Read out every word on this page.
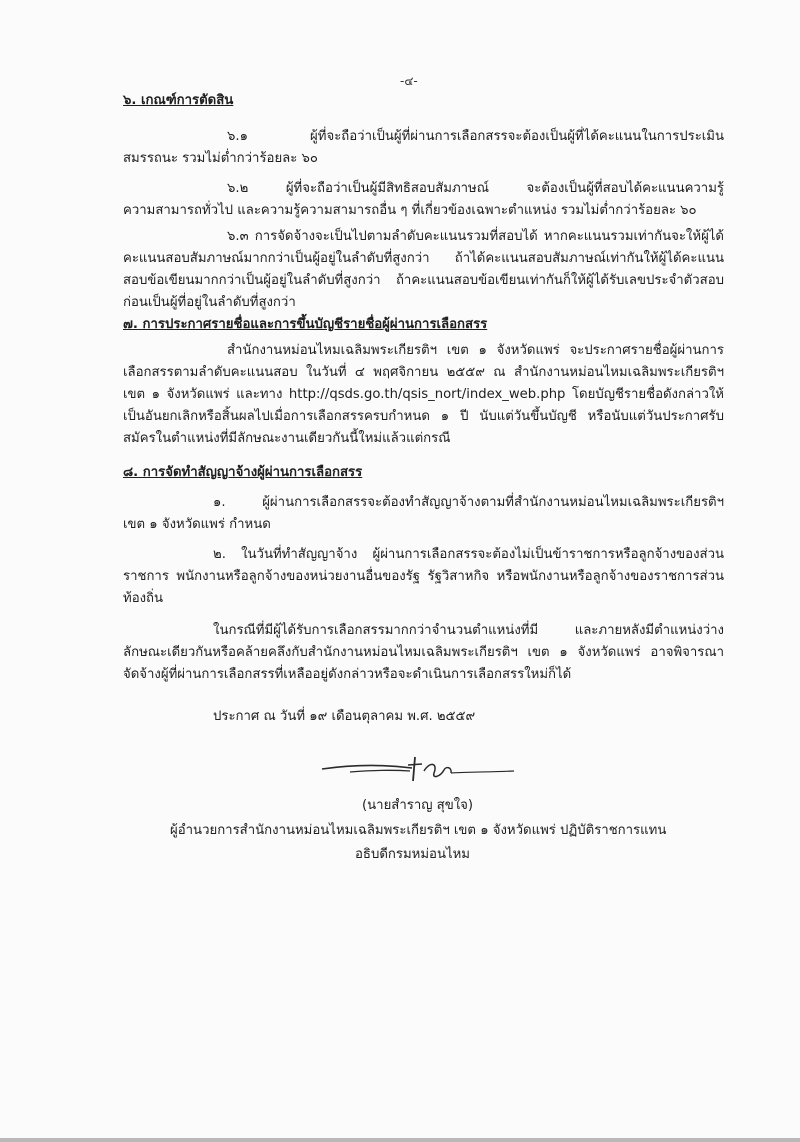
-๔-
๖. เกณฑ์การตัดสิน
๖.๑ ผู้ที่จะถือว่าเป็นผู้ที่ผ่านการเลือกสรรจะต้องเป็นผู้ที่ได้คะแนนในการประเมิน
สมรรถนะ รวมไม่ต่ำกว่าร้อยละ ๖๐
๖.๒ ผู้ที่จะถือว่าเป็นผู้มีสิทธิสอบสัมภาษณ์ จะต้องเป็นผู้ที่สอบได้คะแนนความรู้
ความสามารถทั่วไป และความรู้ความสามารถอื่น ๆ ที่เกี่ยวข้องเฉพาะตำแหน่ง รวมไม่ต่ำกว่าร้อยละ ๖๐
๖.๓ การจัดจ้างจะเป็นไปตามลำดับคะแนนรวมที่สอบได้ หากคะแนนรวมเท่ากันจะให้ผู้ได้
คะแนนสอบสัมภาษณ์มากกว่าเป็นผู้อยู่ในลำดับที่สูงกว่า ถ้าได้คะแนนสอบสัมภาษณ์เท่ากันให้ผู้ได้คะแนน
สอบข้อเขียนมากกว่าเป็นผู้อยู่ในลำดับที่สูงกว่า ถ้าคะแนนสอบข้อเขียนเท่ากันก็ให้ผู้ได้รับเลขประจำตัวสอบ
ก่อนเป็นผู้ที่อยู่ในลำดับที่สูงกว่า
๗. การประกาศรายชื่อและการขึ้นบัญชีรายชื่อผู้ผ่านการเลือกสรร
สำนักงานหม่อนไหมเฉลิมพระเกียรติฯ เขต ๑ จังหวัดแพร่ จะประกาศรายชื่อผู้ผ่านการ
เลือกสรรตามลำดับคะแนนสอบ ในวันที่ ๔ พฤศจิกายน ๒๕๕๙ ณ สำนักงานหม่อนไหมเฉลิมพระเกียรติฯ
เขต ๑ จังหวัดแพร่ และทาง http://qsds.go.th/qsis_nort/index_web.php โดยบัญชีรายชื่อดังกล่าวให้
เป็นอันยกเลิกหรือสิ้นผลไปเมื่อการเลือกสรรครบกำหนด ๑ ปี นับแต่วันขึ้นบัญชี หรือนับแต่วันประกาศรับ
สมัครในตำแหน่งที่มีลักษณะงานเดียวกันนี้ใหม่แล้วแต่กรณี
๘. การจัดทำสัญญาจ้างผู้ผ่านการเลือกสรร
๑. ผู้ผ่านการเลือกสรรจะต้องทำสัญญาจ้างตามที่สำนักงานหม่อนไหมเฉลิมพระเกียรติฯ
เขต ๑ จังหวัดแพร่ กำหนด
๒. ในวันที่ทำสัญญาจ้าง ผู้ผ่านการเลือกสรรจะต้องไม่เป็นข้าราชการหรือลูกจ้างของส่วน
ราชการ พนักงานหรือลูกจ้างของหน่วยงานอื่นของรัฐ รัฐวิสาหกิจ หรือพนักงานหรือลูกจ้างของราชการส่วน
ท้องถิ่น
ในกรณีที่มีผู้ได้รับการเลือกสรรมากกว่าจำนวนตำแหน่งที่มี และภายหลังมีตำแหน่งว่าง
ลักษณะเดียวกันหรือคล้ายคลึงกับสำนักงานหม่อนไหมเฉลิมพระเกียรติฯ เขต ๑ จังหวัดแพร่ อาจพิจารณา
จัดจ้างผู้ที่ผ่านการเลือกสรรที่เหลืออยู่ดังกล่าวหรือจะดำเนินการเลือกสรรใหม่ก็ได้
ประกาศ ณ วันที่ ๑๙ เดือนตุลาคม พ.ศ. ๒๕๕๙
(นายสำราญ สุขใจ)
ผู้อำนวยการสำนักงานหม่อนไหมเฉลิมพระเกียรติฯ เขต ๑ จังหวัดแพร่ ปฏิบัติราชการแทน
อธิบดีกรมหม่อนไหม
